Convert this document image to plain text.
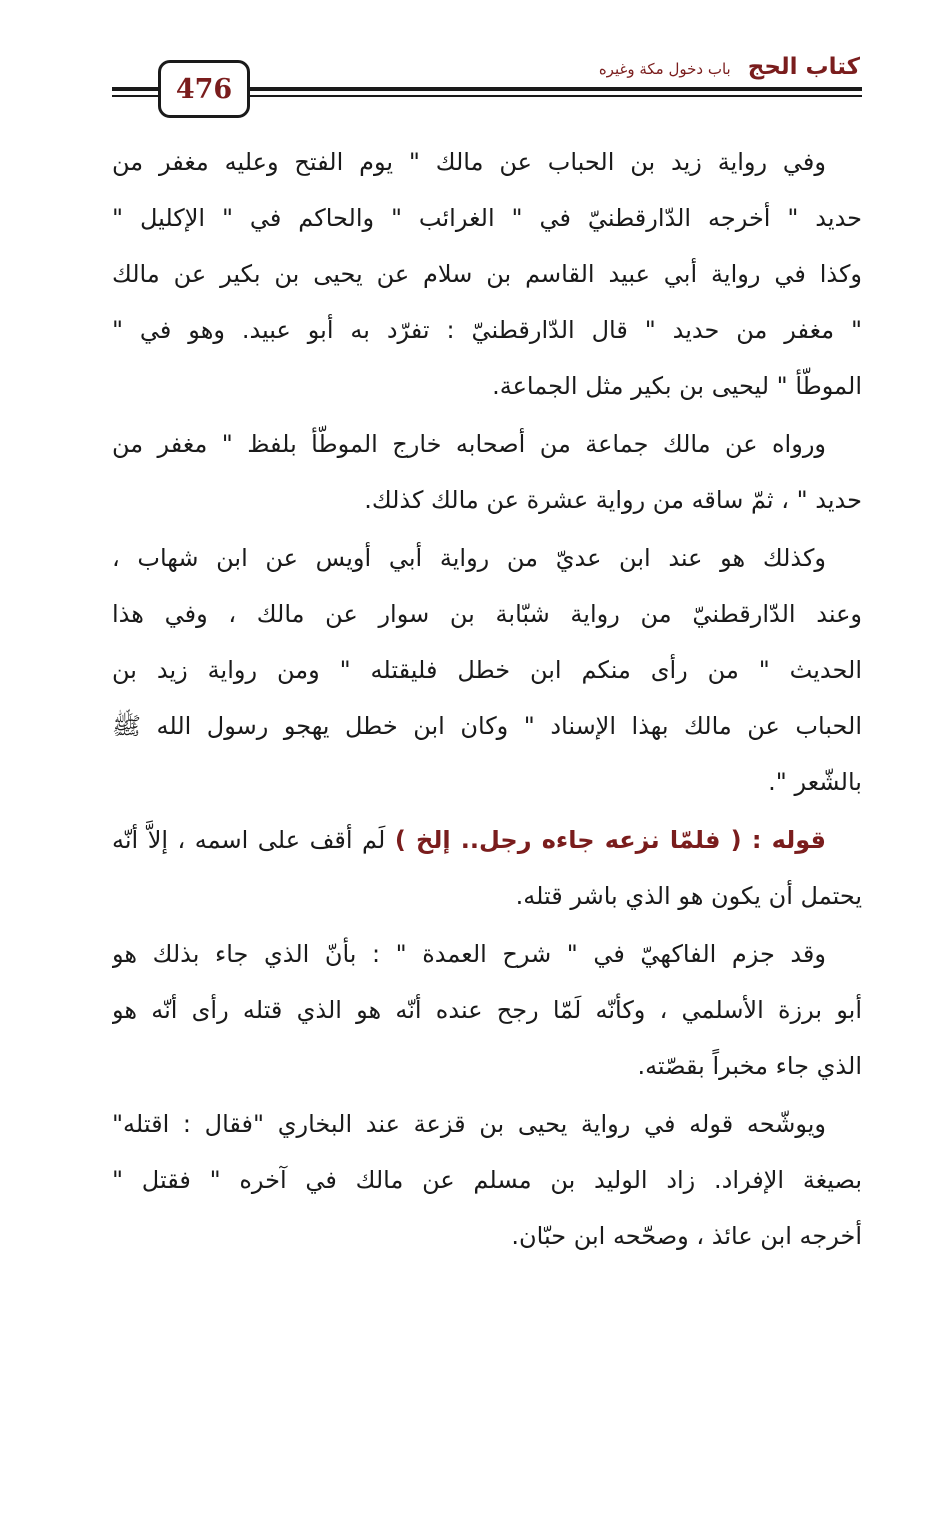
476
كتاب الحج باب دخول مكة وغيره
وفي رواية زيد بن الحباب عن مالك " يوم الفتح وعليه مغفر من
حديد " أخرجه الدّارقطنيّ في " الغرائب " والحاكم في " الإكليل "
وكذا في رواية أبي عبيد القاسم بن سلام عن يحيى بن بكير عن مالك
" مغفر من حديد " قال الدّارقطنيّ : تفرّد به أبو عبيد. وهو في "
الموطّأ " ليحيى بن بكير مثل الجماعة.
ورواه عن مالك جماعة من أصحابه خارج الموطّأ بلفظ " مغفر من
حديد " ، ثمّ ساقه من رواية عشرة عن مالك كذلك.
وكذلك هو عند ابن عديّ من رواية أبي أويس عن ابن شهاب ،
وعند الدّارقطنيّ من رواية شبّابة بن سوار عن مالك ، وفي هذا
الحديث " من رأى منكم ابن خطل فليقتله " ومن رواية زيد بن
الحباب عن مالك بهذا الإسناد " وكان ابن خطل يهجو رسول الله ﷺ
بالشّعر ".
قوله : ( فلمّا نزعه جاءه رجل.. إلخ ) لَم أقف على اسمه ، إلاَّ أنّه
يحتمل أن يكون هو الذي باشر قتله.
وقد جزم الفاكهيّ في " شرح العمدة " : بأنّ الذي جاء بذلك هو
أبو برزة الأسلمي ، وكأنّه لَمّا رجح عنده أنّه هو الذي قتله رأى أنّه هو
الذي جاء مخبراً بقصّته.
ويوشّحه قوله في رواية يحيى بن قزعة عند البخاري "فقال : اقتله"
بصيغة الإفراد. زاد الوليد بن مسلم عن مالك في آخره " فقتل "
أخرجه ابن عائذ ، وصحّحه ابن حبّان.
